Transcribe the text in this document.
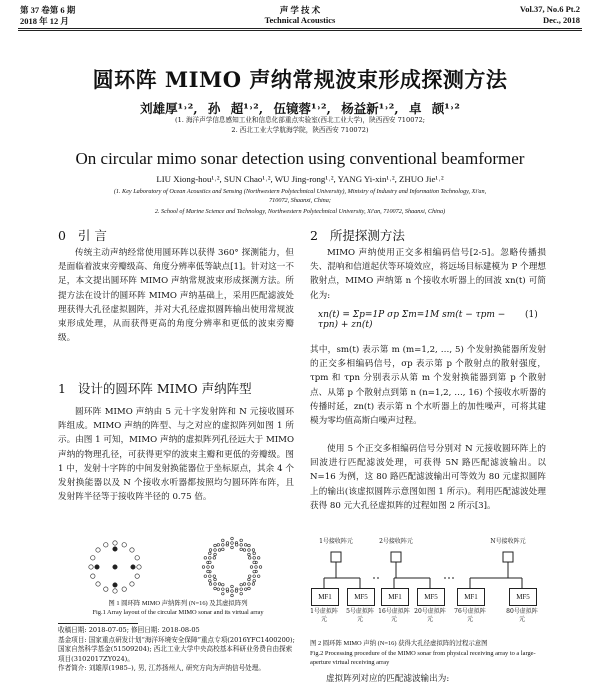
第 37 卷第 6 期
2018 年 12 月
声 学 技 术
Technical Acoustics
Vol.37, No.6 Pt.2
Dec., 2018
圆环阵 MIMO 声纳常规波束形成探测方法
刘雄厚¹˒², 孙 超¹˒², 伍镜蓉¹˒², 杨益新¹˒², 卓 颉¹˒²
(1. 海洋声学信息感知工业和信息化部重点实验室(西北工业大学)，陕西西安 710072;
2. 西北工业大学航海学院，陕西西安 710072)
On circular mimo sonar detection using conventional beamformer
LIU Xiong-hou¹˒², SUN Chao¹˒², WU Jing-rong¹˒², YANG Yi-xin¹˒², ZHUO Jie¹˒²
(1. Key Laboratory of Ocean Acoustics and Sensing (Northwestern Polytechnical University), Ministry of Industry and Information Technology, Xi'an,
710072, Shaanxi, China;
2. School of Marine Science and Technology, Northwestern Polytechnical University, Xi'an, 710072, Shaanxi, China)
0 引 言
传统主动声纳经常使用圆环阵以获得 360° 探测能力，但是面临着波束旁瓣级高、角度分辨率低等缺点[1]。针对这一不足，本文提出圆环阵 MIMO 声纳常规波束形成探测方法。所提方法在设计的圆环阵 MIMO 声纳基础上，采用匹配滤波处理获得大孔径虚拟圆阵，并对大孔径虚拟圆阵输出使用常规波束形成处理，从而获得更高的角度分辨率和更低的波束旁瓣级。
1 设计的圆环阵 MIMO 声纳阵型
圆环阵 MIMO 声纳由 5 元十字发射阵和 N 元接收圆环阵组成。MIMO 声纳的阵型、与之对应的虚拟阵列如图 1 所示。由图 1 可知，MIMO 声纳的虚拟阵列孔径远大于 MIMO 声纳的物理孔径，可获得更窄的波束主瓣和更低的旁瓣级。图 1 中，发射十字阵的中间发射换能器位于坐标原点，其余 4 个发射换能器以及 N 个接收水听器都按照均匀圆环阵布阵，且发射阵半径等于接收阵半径的 0.75 倍。
图 1 圆环阵 MIMO 声纳阵列 (N=16) 及其虚拟阵列
Fig.1 Array layout of the circular MIMO sonar and its virtual array
收稿日期: 2018-07-05; 修回日期: 2018-08-05
基金项目: 国家重点研发计划“海洋环境安全保障”重点专项(2016YFC1400200); 国家自然科学基金(51509204); 西北工业大学中央高校基本科研业务费自由探索项目(3102017ZY024)。
作者简介: 刘雄厚(1985–), 男, 江苏扬州人, 研究方向为声纳信号处理。
2 所提探测方法
MIMO 声纳使用正交多相编码信号[2-5]。忽略传播损失、混响和信道起伏等环境效应，将远场目标建模为 P 个理想散射点，MIMO 声纳第 n 个接收水听器上的回波 xn(t) 可简化为:
xn(t) = Σp=1P σp Σm=1M sm(t − τpm − τpn) + zn(t)
(1)
其中，sm(t) 表示第 m (m=1,2, …, 5) 个发射换能器所发射的正交多相编码信号，σp 表示第 p 个散射点的散射强度，τpm 和 τpn 分别表示从第 m 个发射换能器到第 p 个散射点、从第 p 个散射点到第 n (n=1,2, …, 16) 个接收水听器的传播时延，zn(t) 表示第 n 个水听器上的加性噪声，可将其建模为零均值高斯白噪声过程。
使用 5 个正交多相编码信号分别对 N 元接收圆环阵上的回波进行匹配滤波处理，可获得 5N 路匹配滤波输出。以 N=16 为例，这 80 路匹配滤波输出可等效为 80 元虚拟圆阵上的输出(该虚拟圆阵示意图如图 1 所示)。利用匹配滤波处理获得 80 元大孔径虚拟阵的过程如图 2 所示[3]。
1号接收阵元	2号接收阵元	N号接收阵元
MF1	MF5	MF1	MF5	MF1	MF5
1号虚拟阵元
5号虚拟阵元
16号虚拟阵元
20号虚拟阵元
76号虚拟阵元
80号虚拟阵元
图 2 圆环阵 MIMO 声纳 (N=16) 获得大孔径虚拟阵的过程示意图
Fig.2 Processing procedure of the MIMO sonar from physical receiving array to a large-aperture virtual receiving array
虚拟阵列对应的匹配滤波输出为:
